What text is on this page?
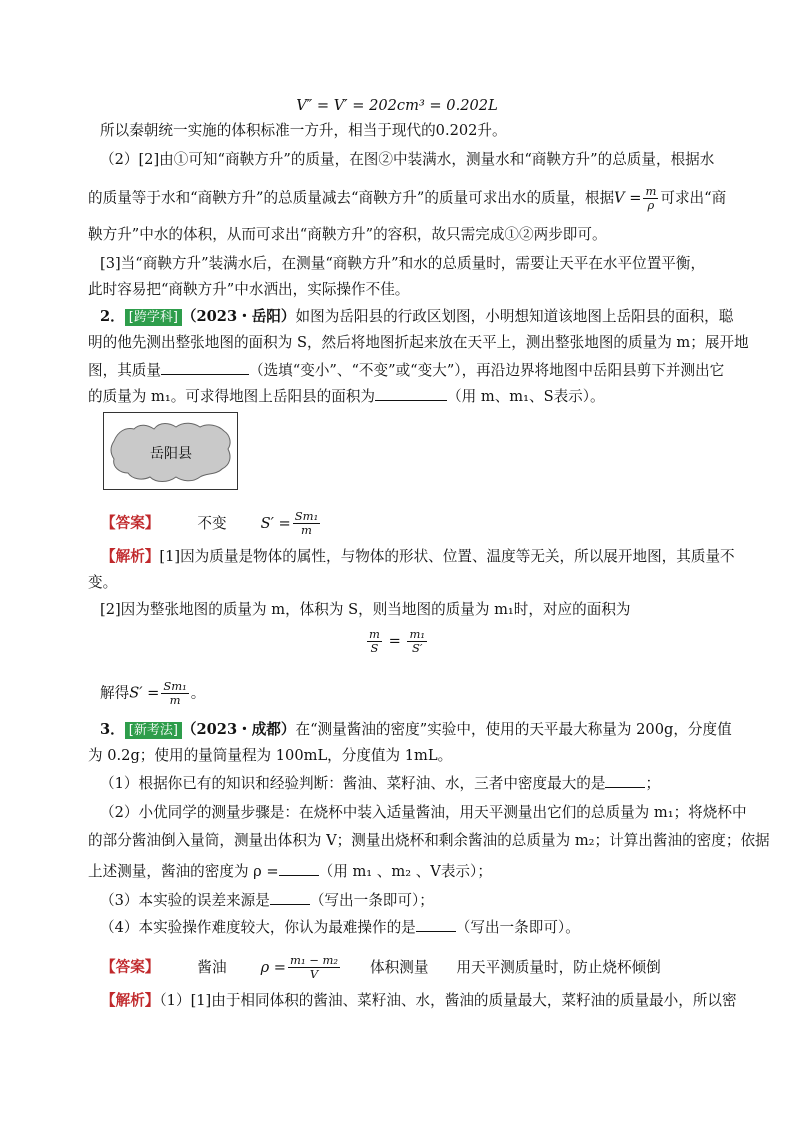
V″ = V′ = 202cm³ = 0.202L
所以秦朝统一实施的体积标准一方升，相当于现代的0.202升。
（2）[2]由①可知“商鞅方升”的质量，在图②中装满水，测量水和“商鞅方升”的总质量，根据水
的质量等于水和“商鞅方升”的总质量减去“商鞅方升”的质量可求出水的质量，根据$V = \frac{m}{\rho}$ 可求出“商
鞅方升”中水的体积，从而可求出“商鞅方升”的容积，故只需完成①②两步即可。
[3]当“商鞅方升”装满水后，在测量“商鞅方升”和水的总质量时，需要让天平在水平位置平衡，
此时容易把“商鞅方升”中水洒出，实际操作不佳。
2． [跨学科] （2023・岳阳）如图为岳阳县的行政区划图，小明想知道该地图上岳阳县的面积，聪
明的他先测出整张地图的面积为 S，然后将地图折起来放在天平上，测出整张地图的质量为 m；展开地
图，其质量	（选填“变小”、“不变”或“变大”），再沿边界将地图中岳阳县剪下并测出它
的质量为 m₁。可求得地图上岳阳县的面积为	（用 m、m₁、S表示）。
岳阳县
【答案】	不变 $S' = \frac{\text{Sm₁}}{m}$
【解析】[1]因为质量是物体的属性，与物体的形状、位置、温度等无关，所以展开地图，其质量不
变。
[2]因为整张地图的质量为 m，体积为 S，则当地图的质量为 m₁时，对应的面积为
$\frac{m}{S} = \frac{\text{m₁}}{S'}$
解得$S' = \frac{\text{Sm₁}}{m}$ 。
3． [新考法] （2023・成都）在“测量酱油的密度”实验中，使用的天平最大称量为 200g，分度值
为 0.2g；使用的量筒量程为 100mL，分度值为 1mL。
（1）根据你已有的知识和经验判断：酱油、菜籽油、水，三者中密度最大的是	；
（2）小优同学的测量步骤是：在烧杯中装入适量酱油，用天平测量出它们的总质量为 m₁；将烧杯中
的部分酱油倒入量筒，测量出体积为 V；测量出烧杯和剩余酱油的总质量为 m₂；计算出酱油的密度；依据
上述测量，酱油的密度为 ρ =	（用 m₁ 、m₂ 、V表示）；
（3）本实验的误差来源是	（写出一条即可）；
（4）本实验操作难度较大，你认为最难操作的是	（写出一条即可）。
【答案】	酱油 $\rho = \frac{\text{m₁ − m₂}}{V}$ 体积测量 用天平测质量时，防止烧杯倾倒
【解析】（1）[1]由于相同体积的酱油、菜籽油、水，酱油的质量最大，菜籽油的质量最小，所以密
